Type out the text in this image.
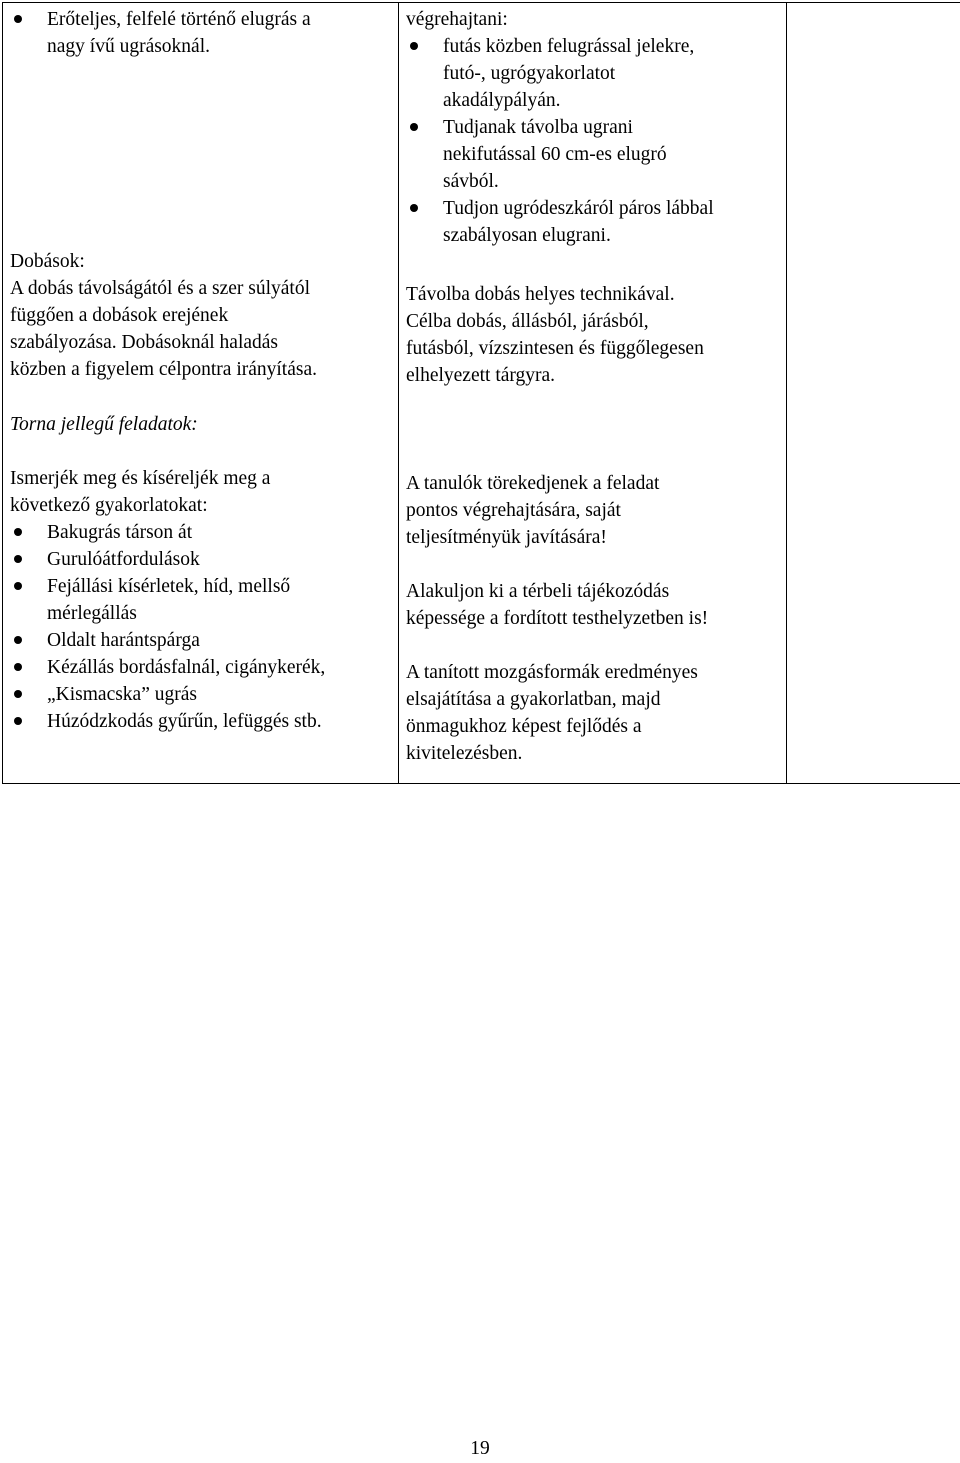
Erőteljes, felfelé történő elugrás a
nagy ívű ugrásoknál.
Dobások:
A dobás távolságától és a szer súlyától
függően a dobások erejének
szabályozása. Dobásoknál haladás
közben a figyelem célpontra irányítása.
Torna jellegű feladatok:
Ismerjék meg és kíséreljék meg a
következő gyakorlatokat:
Bakugrás társon át
Gurulóátfordulások
Fejállási kísérletek, híd, mellső
mérlegállás
Oldalt harántspárga
Kézállás bordásfalnál, cigánykerék,
„Kismacska” ugrás
Húzódzkodás gyűrűn, lefüggés stb.

végrehajtani:
futás közben felugrással jelekre,
futó-, ugrógyakorlatot
akadálypályán.
Tudjanak távolba ugrani
nekifutással 60 cm-es elugró
sávból.
Tudjon ugródeszkáról páros lábbal
szabályosan elugrani.
Távolba dobás helyes technikával.
Célba dobás, állásból, járásból,
futásból, vízszintesen és függőlegesen
elhelyezett tárgyra.
A tanulók törekedjenek a feladat
pontos végrehajtására, saját
teljesítményük javítására!
Alakuljon ki a térbeli tájékozódás
képessége a fordított testhelyzetben is!
A tanított mozgásformák eredményes
elsajátítása a gyakorlatban, majd
önmagukhoz képest fejlődés a
kivitelezésben.

19
